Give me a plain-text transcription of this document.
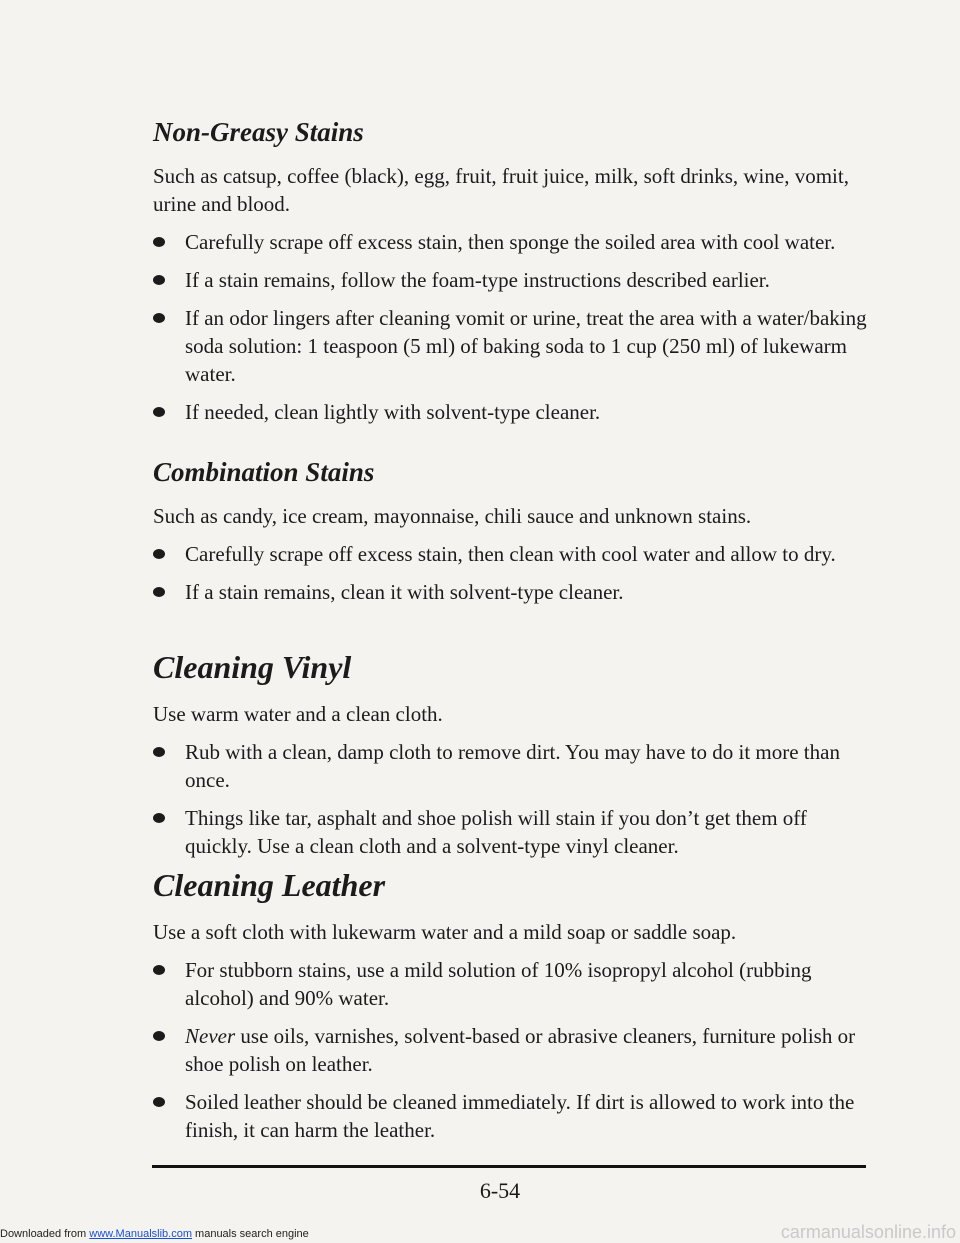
Non-Greasy Stains

Such as catsup, coffee (black), egg, fruit, fruit juice, milk, soft drinks, wine, vomit, urine and blood.

Carefully scrape off excess stain, then sponge the soiled area with cool water.
If a stain remains, follow the foam-type instructions described earlier.
If an odor lingers after cleaning vomit or urine, treat the area with a water/baking soda solution: 1 teaspoon (5 ml) of baking soda to 1 cup (250 ml) of lukewarm water.
If needed, clean lightly with solvent-type cleaner.
Combination Stains

Such as candy, ice cream, mayonnaise, chili sauce and unknown stains.

Carefully scrape off excess stain, then clean with cool water and allow to dry.
If a stain remains, clean it with solvent-type cleaner.
Cleaning Vinyl

Use warm water and a clean cloth.

Rub with a clean, damp cloth to remove dirt. You may have to do it more than once.
Things like tar, asphalt and shoe polish will stain if you don’t get them off quickly. Use a clean cloth and a solvent-type vinyl cleaner.
Cleaning Leather

Use a soft cloth with lukewarm water and a mild soap or saddle soap.

For stubborn stains, use a mild solution of 10% isopropyl alcohol (rubbing alcohol) and 90% water.
Never use oils, varnishes, solvent-based or abrasive cleaners, furniture polish or shoe polish on leather.
Soiled leather should be cleaned immediately. If dirt is allowed to work into the finish, it can harm the leather.
6-54
Downloaded from www.Manualslib.com manuals search engine	carmanualsonline.info
